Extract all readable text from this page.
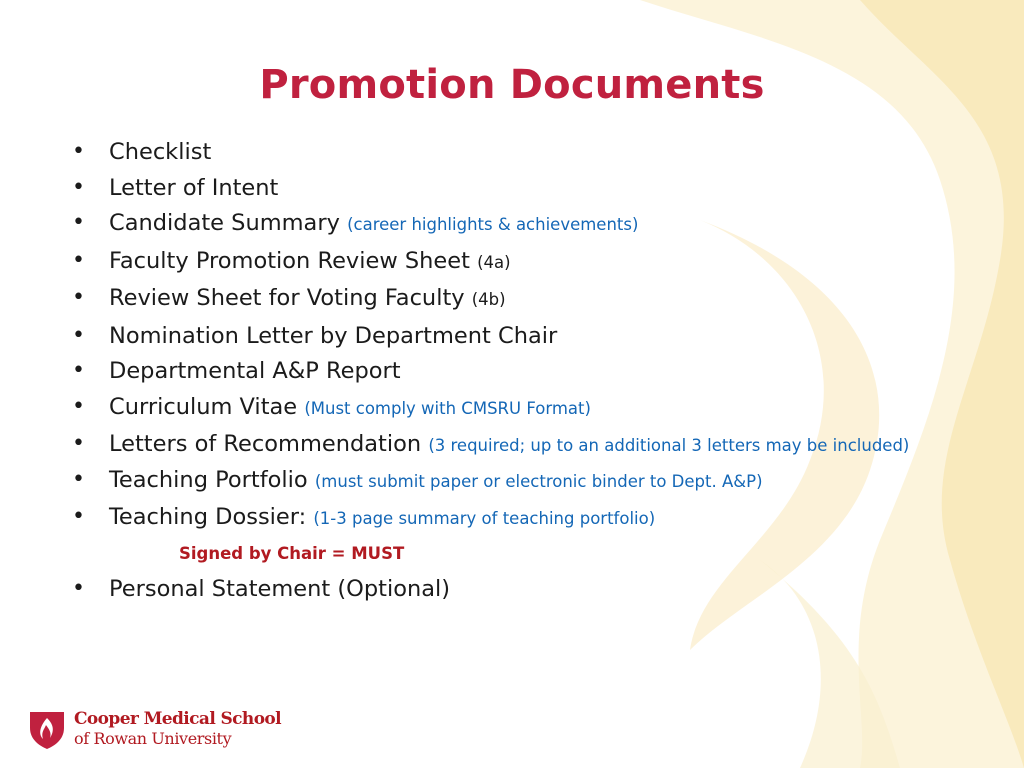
Promotion Documents
• Checklist
• Letter of Intent
• Candidate Summary (career highlights & achievements)
• Faculty Promotion Review Sheet (4a)
• Review Sheet for Voting Faculty (4b)
• Nomination Letter by Department Chair
• Departmental A&P Report
• Curriculum Vitae (Must comply with CMSRU Format)
• Letters of Recommendation (3 required; up to an additional 3 letters may be included)
• Teaching Portfolio (must submit paper or electronic binder to Dept. A&P)
• Teaching Dossier: (1-3 page summary of teaching portfolio)
Signed by Chair = MUST
• Personal Statement (Optional)
Cooper Medical School
of Rowan University
